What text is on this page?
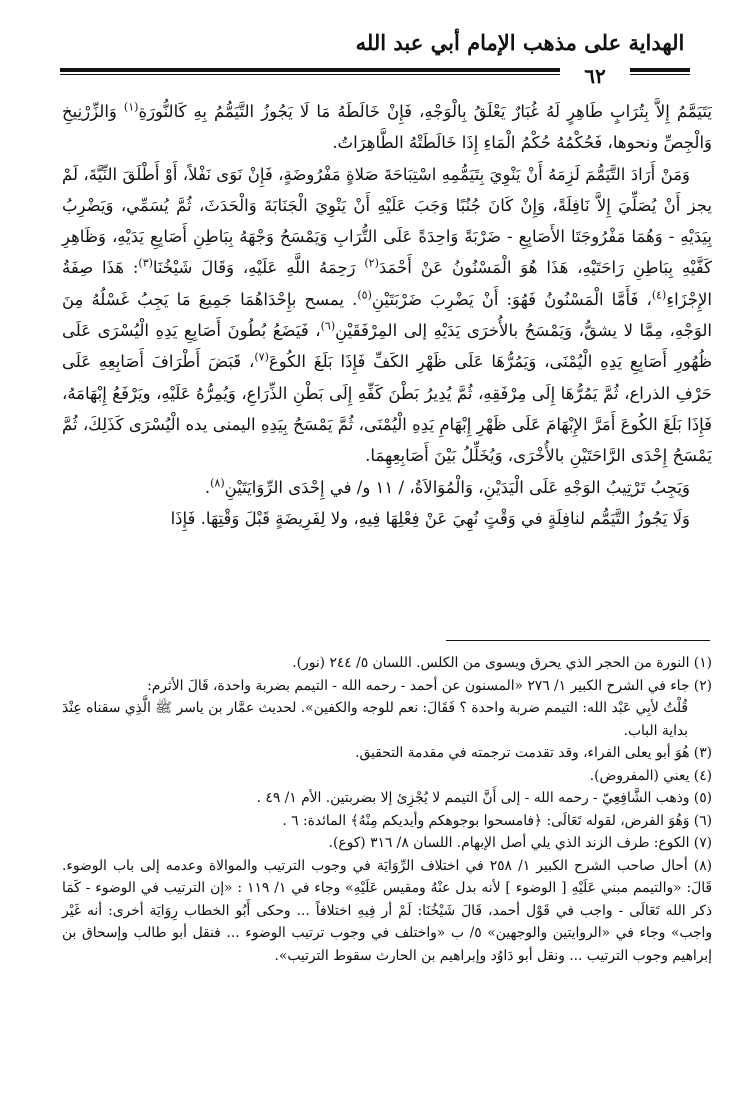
الهداية على مذهب الإمام أبي عبد الله
٦٢

يَتَيَمَّمُ إِلاَّ بِتُرَابٍ طَاهِرٍ لَهُ غُبَارٌ يَعْلَقُ بِالْوَجْهِ، فَإِنْ خَالَطَهُ مَا لَا يَجُوزُ التَّيَمُّمُ بِهِ كَالنُّورَةِ$^{(١)}$ وَالزِّرْنِيخِ وَالْجِصِّ ونحوها، فَحُكْمُهُ حُكْمُ الْمَاءِ إِذَا خَالَطَتْهُ الطَّاهِرَاتُ.

وَمَنْ أَرَادَ التَّيَمُّمَ لَزِمَهُ أَنْ يَنْوِيَ بِتَيَمُّمِهِ اسْتِبَاحَةَ صَلاةٍ مَفْرُوضَةٍ، فَإِنْ نَوَى نَفْلاً، أَوْ أَطْلَقَ النِّيَّةَ، لَمْ يجز أَنْ يُصَلِّيَ إِلاَّ نَافِلَةً، وَإِنْ كَانَ جُنُبًا وَجَبَ عَلَيْهِ أَنْ يَنْوِيَ الْجَنَابَةَ وَالْحَدَثَ، ثُمَّ يُسَمِّي، وَيَضْرِبُ بِيَدَيْهِ - وَهُمَا مَفْرُوجَتَا الأَصَابِعِ - ضَرْبَةً وَاحِدَةً عَلَى التُّرَابِ وَيَمْسَحُ وَجْهَهُ بِبَاطِنِ أَصَابِعِ يَدَيْهِ، وَظَاهِرِ كَفَّيْهِ بِبَاطِنِ رَاحَتَيْهِ، هَذَا هُوَ الْمَسْنُونُ عَنْ أَحْمَدَ$^{(٢)}$ رَحِمَهُ اللَّهِ عَلَيْهِ، وَقَالَ شَيْخُنَا$^{(٣)}$: هَذَا صِفَةُ الإِجْزَاءِ$^{(٤)}$، فَأَمَّا الْمَسْنُونُ فَهُوَ: أَنْ يَضْرِبَ ضَرْبَتَيْنِ$^{(٥)}$. يمسح بإِحْدَاهُمَا جَمِيعَ مَا يَجِبُ غَسْلُهُ مِنَ الوَجْهِ، مِمَّا لا يشقُّ، وَيَمْسَحُ بالأُخرَى يَدَيْهِ إلى المِرْفَقَيْنِ$^{(٦)}$، فَيَضَعُ بُطُونَ أَصَابِعِ يَدِهِ الْيُسْرَى عَلَى ظُهُورِ أَصَابِعِ يَدِهِ الْيُمْنَى، وَيَمُرُّهَا عَلَى ظَهْرِ الكَفِّ فَإِذَا بَلَغَ الكُوعَ$^{(٧)}$، قَبَضَ أَطْرَافَ أَصَابِعِهِ عَلَى حَرْفِ الذراع، ثُمَّ يَمُرُّهَا إِلَى مِرْفَقِهِ، ثُمَّ يُدِيرُ بَطْنَ كَفِّهِ إِلَى بَطْنِ الذِّرَاعِ، وَيُمِرُّهُ عَلَيْهِ، ويَرْفَعُ إِبْهَامَهُ، فَإِذَا بَلَغَ الكُوعَ أَمَرَّ الإِبْهَامَ عَلَى ظَهْرِ إِبْهَامِ يَدِهِ الْيُمْنَى، ثُمَّ يَمْسَحُ بِيَدِهِ اليمنى يده الْيُسْرَى كَذَلِكَ، ثُمَّ يَمْسَحُ إِحْدَى الرَّاحَتَيْنِ بالأُخْرَى، وَيُخَلِّلُ بَيْنَ أَصَابِعِهِمَا.

وَيَجِبُ تَرْتِيبُ الوَجْهِ عَلَى الْيَدَيْنِ، وَالْمُوَالاَةُ، / ١١ و/ في إِحْدَى الرِّوَايَتَيْنِ$^{(٨)}$.

وَلَا يَجُوزُ التَّيَمُّم لنافِلَةٍ في وَقْتٍ نُهِيَ عَنْ فِعْلِهَا فِيهِ، ولا لِفَرِيضَةٍ قَبْلَ وَقْتِهَا. فَإِذَا

(١) النورة من الحجر الذي يحرق ويسوى من الكلس. اللسان ٥/ ٢٤٤ (نور).

(٢) جاء في الشرح الكبير ١/ ٢٧٦ «المسنون عن أحمد - رحمه الله - التيمم بضربة واحدة، قَالَ الأثرم:

قُلْتُ لأبِي عَبْد الله: التيمم ضربة واحدة ؟ فَقَالَ: نعم للوجه والكفين». لحديث عمَّار بن ياسر ﷺ الَّذِي سقناه عِنْدَ بداية الباب.

(٣) هُوَ أبو يعلى الفراء، وقد تقدمت ترجمته في مقدمة التحقيق.

(٤) يعني (المفروض).

(٥) وذهب الشَّافِعِيّ - رحمه الله - إلى أَنَّ التيمم لا يُجْزِئ إلا بضربتين. الأم ١/ ٤٩ .

(٦) وَهُوَ الفرض، لقوله تَعَالَى: ﴿فامسحوا بوجوهكم وأيديكم مِنْهُ﴾ المائدة: ٦ .

(٧) الكوع: طرف الزند الذي يلي أصل الإبهام. اللسان ٨/ ٣١٦ (كوع).

(٨) أحال صاحب الشرح الكبير ١/ ٢٥٨ في اختلاف الرِّوَايَة في وجوب الترتيب والموالاة وعدمه إلى باب الوضوء. قَالَ: «والتيمم مبني عَلَيْهِ [ الوضوء ] لأنه بدل عنْهُ ومقيس عَلَيْهِ» وجاء في ١/ ١١٩ : «إن الترتيب في الوضوء - كَمَا ذكر الله تَعَالَى - واجب في قَوْل أحمد، قَالَ شَيْخُنَا: لَمْ أر فِيهِ اختلافاً ... وحكى أَبُو الخطاب رِوَايَة أخرى: أنه غَيْر واجب» وجاء في «الروايتين والوجهين» ٥/ ب «واختلف في وجوب ترتيب الوضوء ... فنقل أبو طالب وإسحاق بن إبراهيم وجوب الترتيب ... ونقل أبو دَاوُد وإبراهيم بن الحارث سقوط الترتيب».
